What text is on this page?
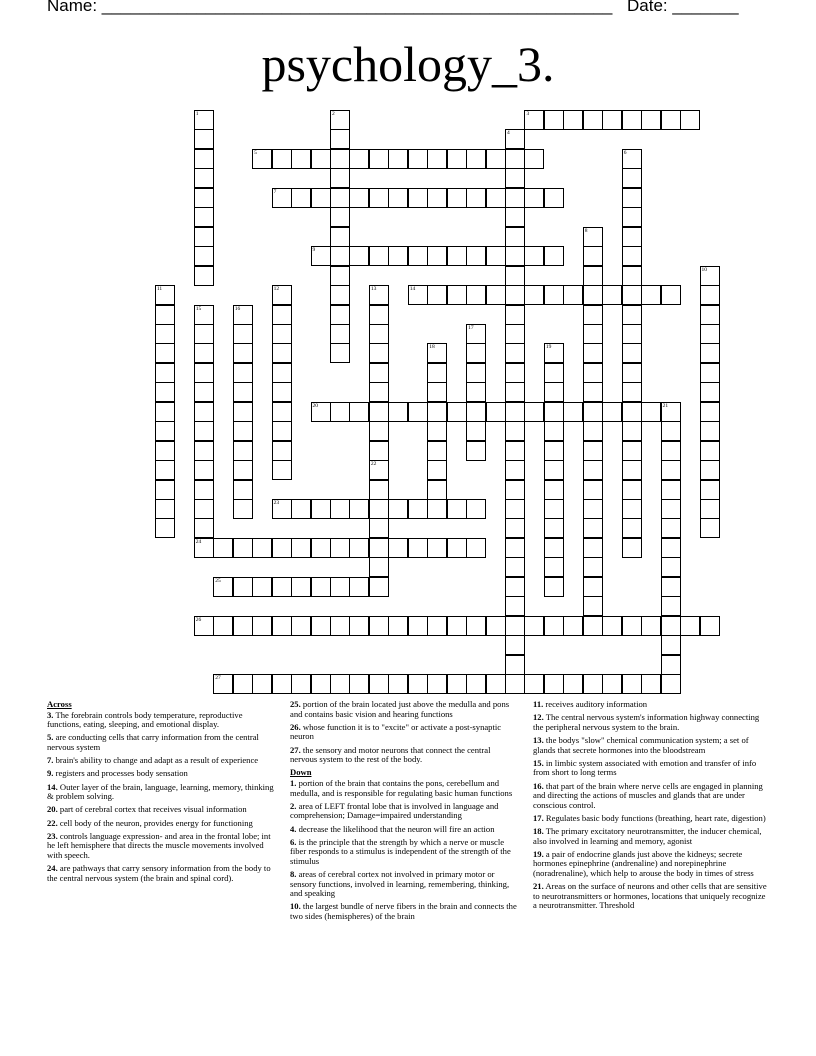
Name: ______________________________________________________ Date: _______
psychology_3.
1	2	3
4
5	6
7
8
9
10
11	12	13
22
14
15	16
17
18	19
20	21
23
24
25
26
27
Across
3. The forebrain controls body temperature, reproductive functions, eating, sleeping, and emotional display.
5. are conducting cells that carry information from the central nervous system
7. brain's ability to change and adapt as a result of experience
9. registers and processes body sensation
14. Outer layer of the brain, language, learning, memory, thinking & problem solving.
20. part of cerebral cortex that receives visual information
22. cell body of the neuron, provides energy for functioning
23. controls language expression- and area in the frontal lobe; int he left hemisphere that directs the muscle movements involved with speech.
24. are pathways that carry sensory information from the body to the central nervous system (the brain and spinal cord).
25. portion of the brain located just above the medulla and pons and contains basic vision and hearing functions
26. whose function it is to "excite" or activate a post-synaptic neuron
27. the sensory and motor neurons that connect the central nervous system to the rest of the body.
Down
1. portion of the brain that contains the pons, cerebellum and medulla, and is responsible for regulating basic human functions
2. area of LEFT frontal lobe that is involved in language and comprehension; Damage=impaired understanding
4. decrease the likelihood that the neuron will fire an action
6. is the principle that the strength by which a nerve or muscle fiber responds to a stimulus is independent of the strength of the stimulus
8. areas of cerebral cortex not involved in primary motor or sensory functions, involved in learning, remembering, thinking, and speaking
10. the largest bundle of nerve fibers in the brain and connects the two sides (hemispheres) of the brain
11. receives auditory information
12. The central nervous system's information highway connecting the peripheral nervous system to the brain.
13. the bodys "slow" chemical communication system; a set of glands that secrete hormones into the bloodstream
15. in limbic system associated with emotion and transfer of info from short to long terms
16. that part of the brain where nerve cells are engaged in planning and directing the actions of muscles and glands that are under conscious control.
17. Regulates basic body functions (breathing, heart rate, digestion)
18. The primary excitatory neurotransmitter, the inducer chemical, also involved in learning and memory, agonist
19. a pair of endocrine glands just above the kidneys; secrete hormones epinephrine (andrenaline) and norepinephrine (noradrenaline), which help to arouse the body in times of stress
21. Areas on the surface of neurons and other cells that are sensitive to neurotransmitters or hormones, locations that uniquely recognize a neurotransmitter. Threshold
